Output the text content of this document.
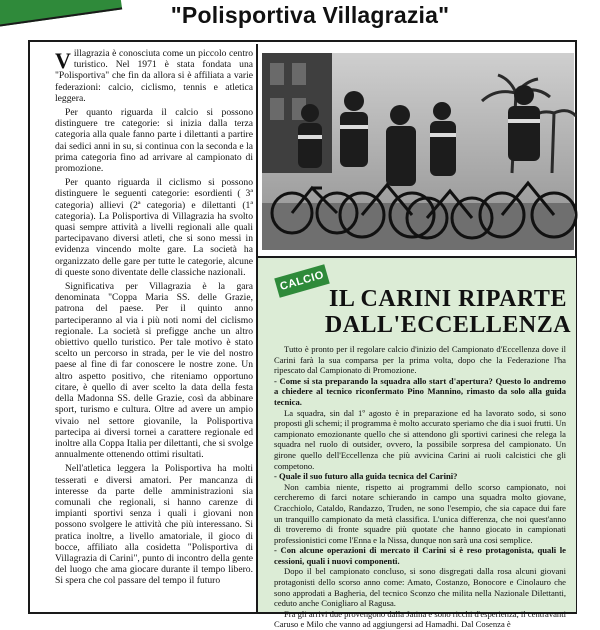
"Polisportiva Villagrazia"

Villagrazia è conosciuta come un piccolo centro turistico. Nel 1971 è stata fondata una "Polisportiva" che fin da allora si è affiliata a varie federazioni: calcio, ciclismo, tennis e atletica leggera.

Per quanto riguarda il calcio si possono distinguere tre categorie: si inizia dalla terza categoria alla quale fanno parte i dilettanti a partire dai sedici anni in su, si continua con la seconda e la prima categoria fino ad arrivare al campionato di promozione.

Per quanto riguarda il ciclismo si possono distinguere le seguenti categorie: esordienti ( 3ª categoria) allievi (2ª categoria) e dilettanti (1ª categoria). La Polisportiva di Villagrazia ha svolto quasi sempre attività a livelli regionali alle quali partecipavano diversi atleti, che si sono messi in evidenza vincendo molte gare. La società ha organizzato delle gare per tutte le categorie, alcune di queste sono diventate delle classiche nazionali.

Significativa per Villagrazia è la gara denominata "Coppa Maria SS. delle Grazie, patrona del paese. Per il quinto anno parteciperanno al via i più noti nomi del ciclismo regionale. La società si prefigge anche un altro obiettivo quello turistico. Per tale motivo è stato scelto un percorso in strada, per le vie del nostro paese al fine di far conoscere le nostre zone. Un altro aspetto positivo, che riteniamo opportuno citare, è quello di aver scelto la data della festa della Madonna SS. delle Grazie, così da abbinare sport, turismo e cultura. Oltre ad avere un ampio vivaio nel settore giovanile, la Polisportiva partecipa ai diversi tornei a carattere regionale ed inoltre alla Coppa Italia per dilettanti, che si svolge annualmente ottenendo ottimi risultati.

Nell'atletica leggera la Polisportiva ha molti tesserati e diversi amatori. Per mancanza di interesse da parte delle amministrazioni sia comunali che regionali, si hanno carenze di impianti sportivi senza i quali i giovani non possono svolgere le attività che più interessano. Si pratica inoltre, a livello amatoriale, il gioco di bocce, affiliato alla cosidetta "Polisportiva di Villagrazia di Carini", punto di incontro della gente del luogo che ama giocare durante il tempo libero. Si spera che col passare del tempo il futuro

CALCIO
IL CARINI RIPARTE
DALL'ECCELLENZA

Tutto è pronto per il regolare calcio d'inizio del Campionato d'Eccellenza dove il Carini farà la sua comparsa per la prima volta, dopo che la Federazione l'ha ripescato dal Campionato di Promozione.

- Come si sta preparando la squadra allo start d'apertura? Questo lo andremo a chiedere al tecnico riconfermato Pino Mannino, rimasto da solo alla guida tecnica.

La squadra, sin dal 1º agosto è in preparazione ed ha lavorato sodo, si sono proposti gli schemi; il programma è molto accurato speriamo che dia i suoi frutti. Un campionato emozionante quello che si attendono gli sportivi carinesi che relega la squadra nel ruolo di outsider, ovvero, la possibile sorpresa del campionato. Un girone quello dell'Eccellenza che più avvicina Carini ai ruoli calcistici che gli competono.

- Quale il suo futuro alla guida tecnica del Carini?

Non cambia niente, rispetto ai programmi dello scorso campionato, noi cercheremo di farci notare schierando in campo una squadra molto giovane, Cracchiolo, Cataldo, Randazzo, Truden, ne sono l'esempio, che sia capace dui fare un tranquillo campionato da metà classifica. L'unica differenza, che noi quest'anno di troveremo di fronte squadre più quotate che hanno giocato in campionati professionistici come l'Enna e la Nissa, dunque non sarà una cosi semplice.

- Con alcune operazioni di mercato il Carini si è reso protagonista, quali le cessioni, quali i nuovi componenti.

Dopo il bel campionato concluso, si sono disgregati dalla rosa alcuni giovani protagonisti dello scorso anno come: Amato, Costanzo, Bonocore e Cinolauro che sono approdati a Bagheria, del tecnico Sconzo che milita nella Nazionale Dilettanti, ceduto anche Conigliaro al Ragusa.

Fra gli arrivi due provengono dalla Jatina e sono ricchi d'esperienza, il centravanti Caruso e Milo che vanno ad aggiungersi ad Hamadhi. Dal Cosenza è
